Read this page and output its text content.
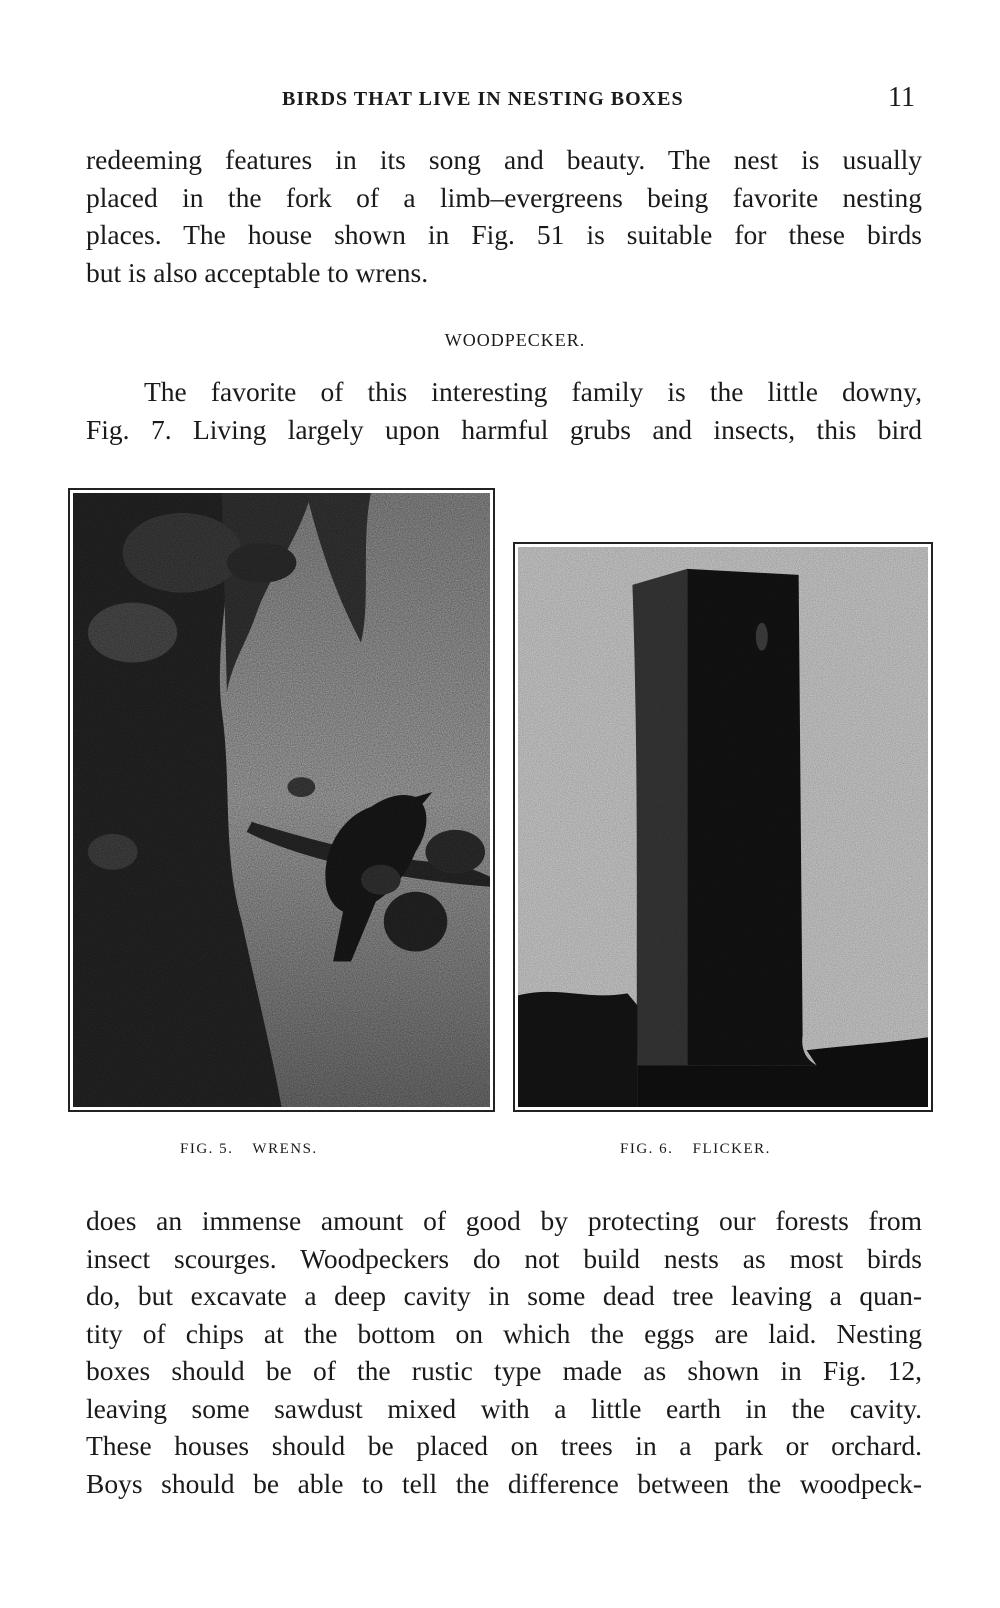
BIRDS THAT LIVE IN NESTING BOXES	11
redeeming features in its song and beauty. The nest is usually
placed in the fork of a limb–evergreens being favorite nesting
places. The house shown in Fig. 51 is suitable for these birds
but is also acceptable to wrens.
WOODPECKER.
The favorite of this interesting family is the little downy,
Fig. 7. Living largely upon harmful grubs and insects, this bird
FIG. 5. WRENS.	FIG. 6. FLICKER.
does an immense amount of good by protecting our forests from
insect scourges. Woodpeckers do not build nests as most birds
do, but excavate a deep cavity in some dead tree leaving a quan-
tity of chips at the bottom on which the eggs are laid. Nesting
boxes should be of the rustic type made as shown in Fig. 12,
leaving some sawdust mixed with a little earth in the cavity.
These houses should be placed on trees in a park or orchard.
Boys should be able to tell the difference between the woodpeck-
